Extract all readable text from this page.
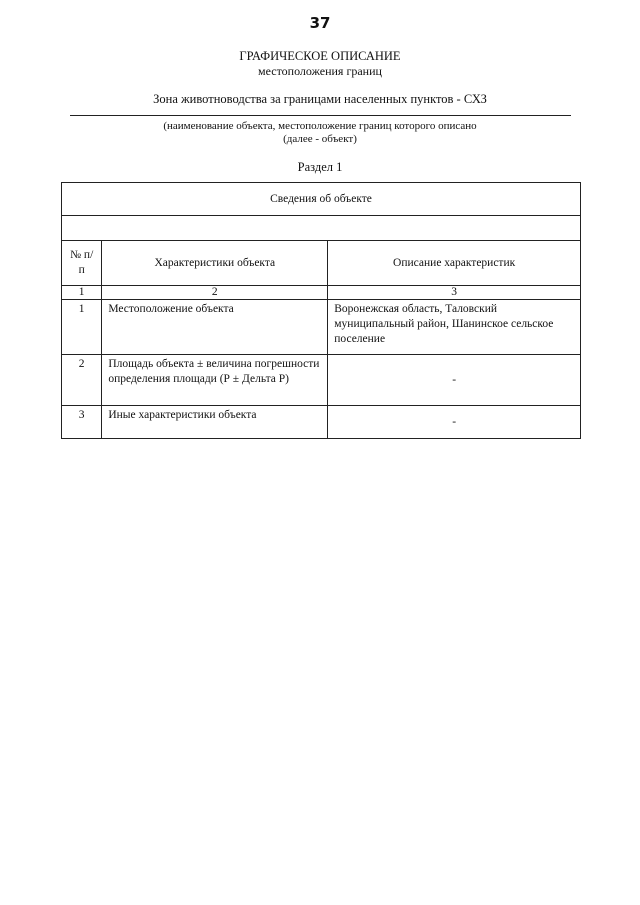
37
ГРАФИЧЕСКОЕ ОПИСАНИЕ
местоположения границ
Зона животноводства за границами населенных пунктов - СХЗ
(наименование объекта, местоположение границ которого описано
(далее - объект)
Раздел 1
Сведения об объекте		

№ п/п	Характеристики объекта	Описание характеристик
1	2	3
1	Местоположение объекта	Воронежская область, Таловский муниципальный район, Шанинское сельское поселение
2	Площадь объекта ± величина погрешности определения площади (Р ± Дельта Р)	-
3	Иные характеристики объекта	-
